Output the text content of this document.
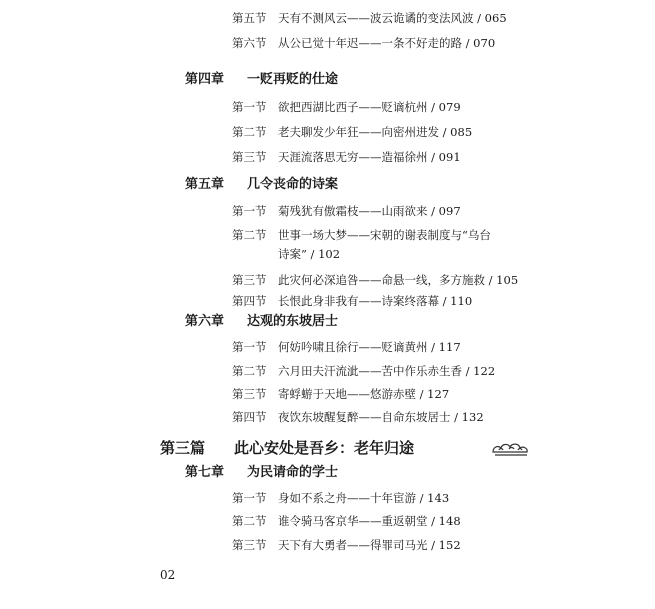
第五节 天有不测风云——波云诡谲的变法风波 / 065
第六节 从公已觉十年迟——一条不好走的路 / 070
第四章 一贬再贬的仕途
第一节 欲把西湖比西子——贬谪杭州 / 079
第二节 老夫聊发少年狂——向密州进发 / 085
第三节 天涯流落思无穷——造福徐州 / 091
第五章 几令丧命的诗案
第一节 菊残犹有傲霜枝——山雨欲来 / 097
第二节 世事一场大梦——宋朝的谢表制度与“乌台
诗案” / 102
第三节 此灾何必深追咎——命悬一线，多方施救 / 105
第四节 长恨此身非我有——诗案终落幕 / 110
第六章 达观的东坡居士
第一节 何妨吟啸且徐行——贬谪黄州 / 117
第二节 六月田夫汗流泚——苦中作乐赤生香 / 122
第三节 寄蜉蝣于天地——悠游赤壁 / 127
第四节 夜饮东坡醒复醉——自命东坡居士 / 132
第三篇 此心安处是吾乡：老年归途
第七章 为民请命的学士
第一节 身如不系之舟——十年宦游 / 143
第二节 谁令骑马客京华——重返朝堂 / 148
第三节 天下有大勇者——得罪司马光 / 152
02
